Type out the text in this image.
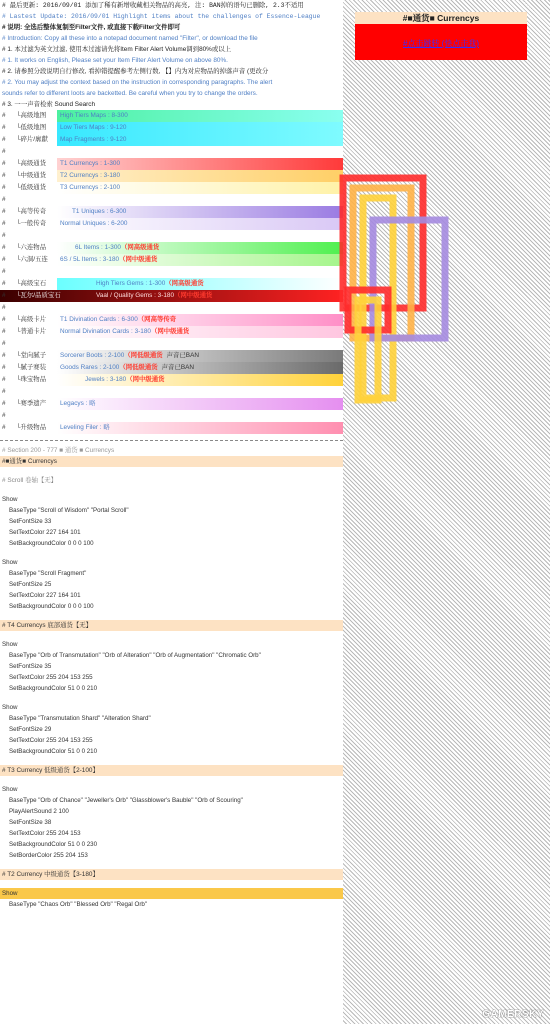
# 最后更新: 2016/09/01 添加了稀有新增收藏相关物品的高亮, 注: BAN掉的语句已删除, 2.3不适用
# Lastest Update: 2016/09/01 Highlight items about the challenges of Essence-League
# 说明: 全选后整体复制至Filter文件, 或直接下载Filter文件即可
# Introduction: Copy all these into a notepad document named "Filter", or download the file
# 1. 本过滤为英文过滤, 使用本过滤请先将Item Filter Alert Volume调到80%或以上
# 1. It works on English, Please set your Item Filter Alert Volume on above 80%.
# 2. 请参照分段说明自行修改, 看掉错提醒参考左侧行数, 【】内为对应物品的掉落声音 (更改分
# 2. You may adjust the context based on the instruction in corresponding paragraphs. The alert
sounds refer to different loots are backetted. Be careful when you try to change the orders.
# 3. 一一声音检索 Sound Search
# └高级地图 High Tiers Maps : 8-300
# └低级地图 Low Tiers Maps : 9-120
# └碎片/廓獻 Map Fragments : 9-120
#
# └高级通货 T1 Currencys : 1-300
# └中级通货 T2 Currencys : 3-180
# └低级通货 T3 Currencys : 2-100
#
# └高等传奇	T1 Uniques : 6-300
# └一般传奇 Normal Uniques : 6-200
#
# └六连物品	6L Items : 1-300（网高级通货
# └六洞/五连 6S / 5L Items : 3-180（网中级通货
#
# └高级宝石	High Tiers Gems : 1-300（网高级通货
# └瓦尔/品质宝石	Vaal / Quality Gems : 3-180（网中级通货
#
# └高级卡片 T1 Divination Cards : 6-300（网高等传奇
# └普通卡片 Normal Divination Cards : 3-180（网中级通货
#
# └堂向腻子 Sorcerer Boots : 2-100（网低级通货 声音已BAN
# └腻子赛装 Goods Rares : 2-100（网低级通货 声音已BAN
# └珠宝物品	Jewels : 3-180（网中级通货
#
# └赛季遗产 Legacys : 略
#
# └升级物品 Leveling Filer : 略
# Section 200 - 777 ■ 通货 ■ Currencys
#■通货■ Currencys
# Scroll 卷轴【无】
Show
BaseType "Scroll of Wisdom" "Portal Scroll"
SetFontSize 33
SetTextColor 227 164 101
SetBackgroundColor 0 0 0 100
Show
BaseType "Scroll Fragment"
SetFontSize 25
SetTextColor 227 164 101
SetBackgroundColor 0 0 0 100
# T4 Currencys 底部通货【无】
Show
BaseType "Orb of Transmutation" "Orb of Alteration" "Orb of Augmentation" "Chromatic Orb"
SetFontSize 35
SetTextColor 255 204 153 255
SetBackgroundColor 51 0 0 210
Show
BaseType "Transmutation Shard" "Alteration Shard"
SetFontSize 29
SetTextColor 255 204 153 255
SetBackgroundColor 51 0 0 210
# T3 Currency 低级通货【2-100】
Show
BaseType "Orb of Chance" "Jeweller's Orb" "Glassblower's Bauble" "Orb of Scouring"
PlayAlertSound 2 100
SetFontSize 38
SetTextColor 255 204 153
SetBackgroundColor 51 0 0 230
SetBorderColor 255 204 153
# T2 Currency 中级通货【3-180】
Show
BaseType "Chaos Orb" "Blessed Orb" "Regal Orb"
#■通货■ Currencys
#点击跳转 (快点击我)
GAMERSKY
